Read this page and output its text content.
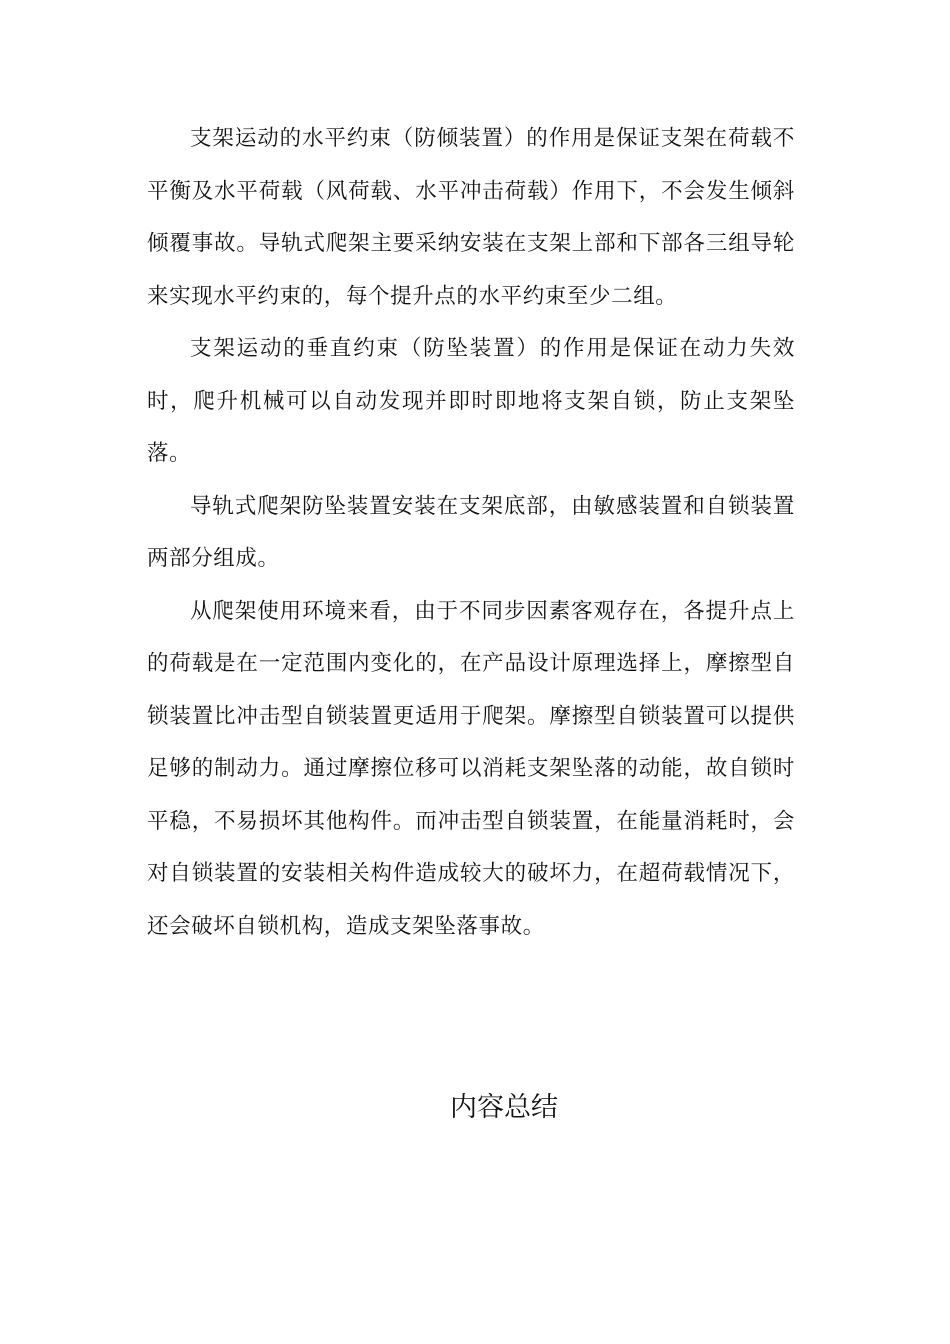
支架运动的水平约束（防倾装置）的作用是保证支架在荷载不平衡及水平荷载（风荷载、水平冲击荷载）作用下，不会发生倾斜倾覆事故。导轨式爬架主要采纳安装在支架上部和下部各三组导轮来实现水平约束的，每个提升点的水平约束至少二组。

支架运动的垂直约束（防坠装置）的作用是保证在动力失效时，爬升机械可以自动发现并即时即地将支架自锁，防止支架坠落。

导轨式爬架防坠装置安装在支架底部，由敏感装置和自锁装置两部分组成。

从爬架使用环境来看，由于不同步因素客观存在，各提升点上的荷载是在一定范围内变化的，在产品设计原理选择上，摩擦型自锁装置比冲击型自锁装置更适用于爬架。摩擦型自锁装置可以提供足够的制动力。通过摩擦位移可以消耗支架坠落的动能，故自锁时平稳，不易损坏其他构件。而冲击型自锁装置，在能量消耗时，会对自锁装置的安装相关构件造成较大的破坏力，在超荷载情况下，还会破坏自锁机构，造成支架坠落事故。

内容总结
